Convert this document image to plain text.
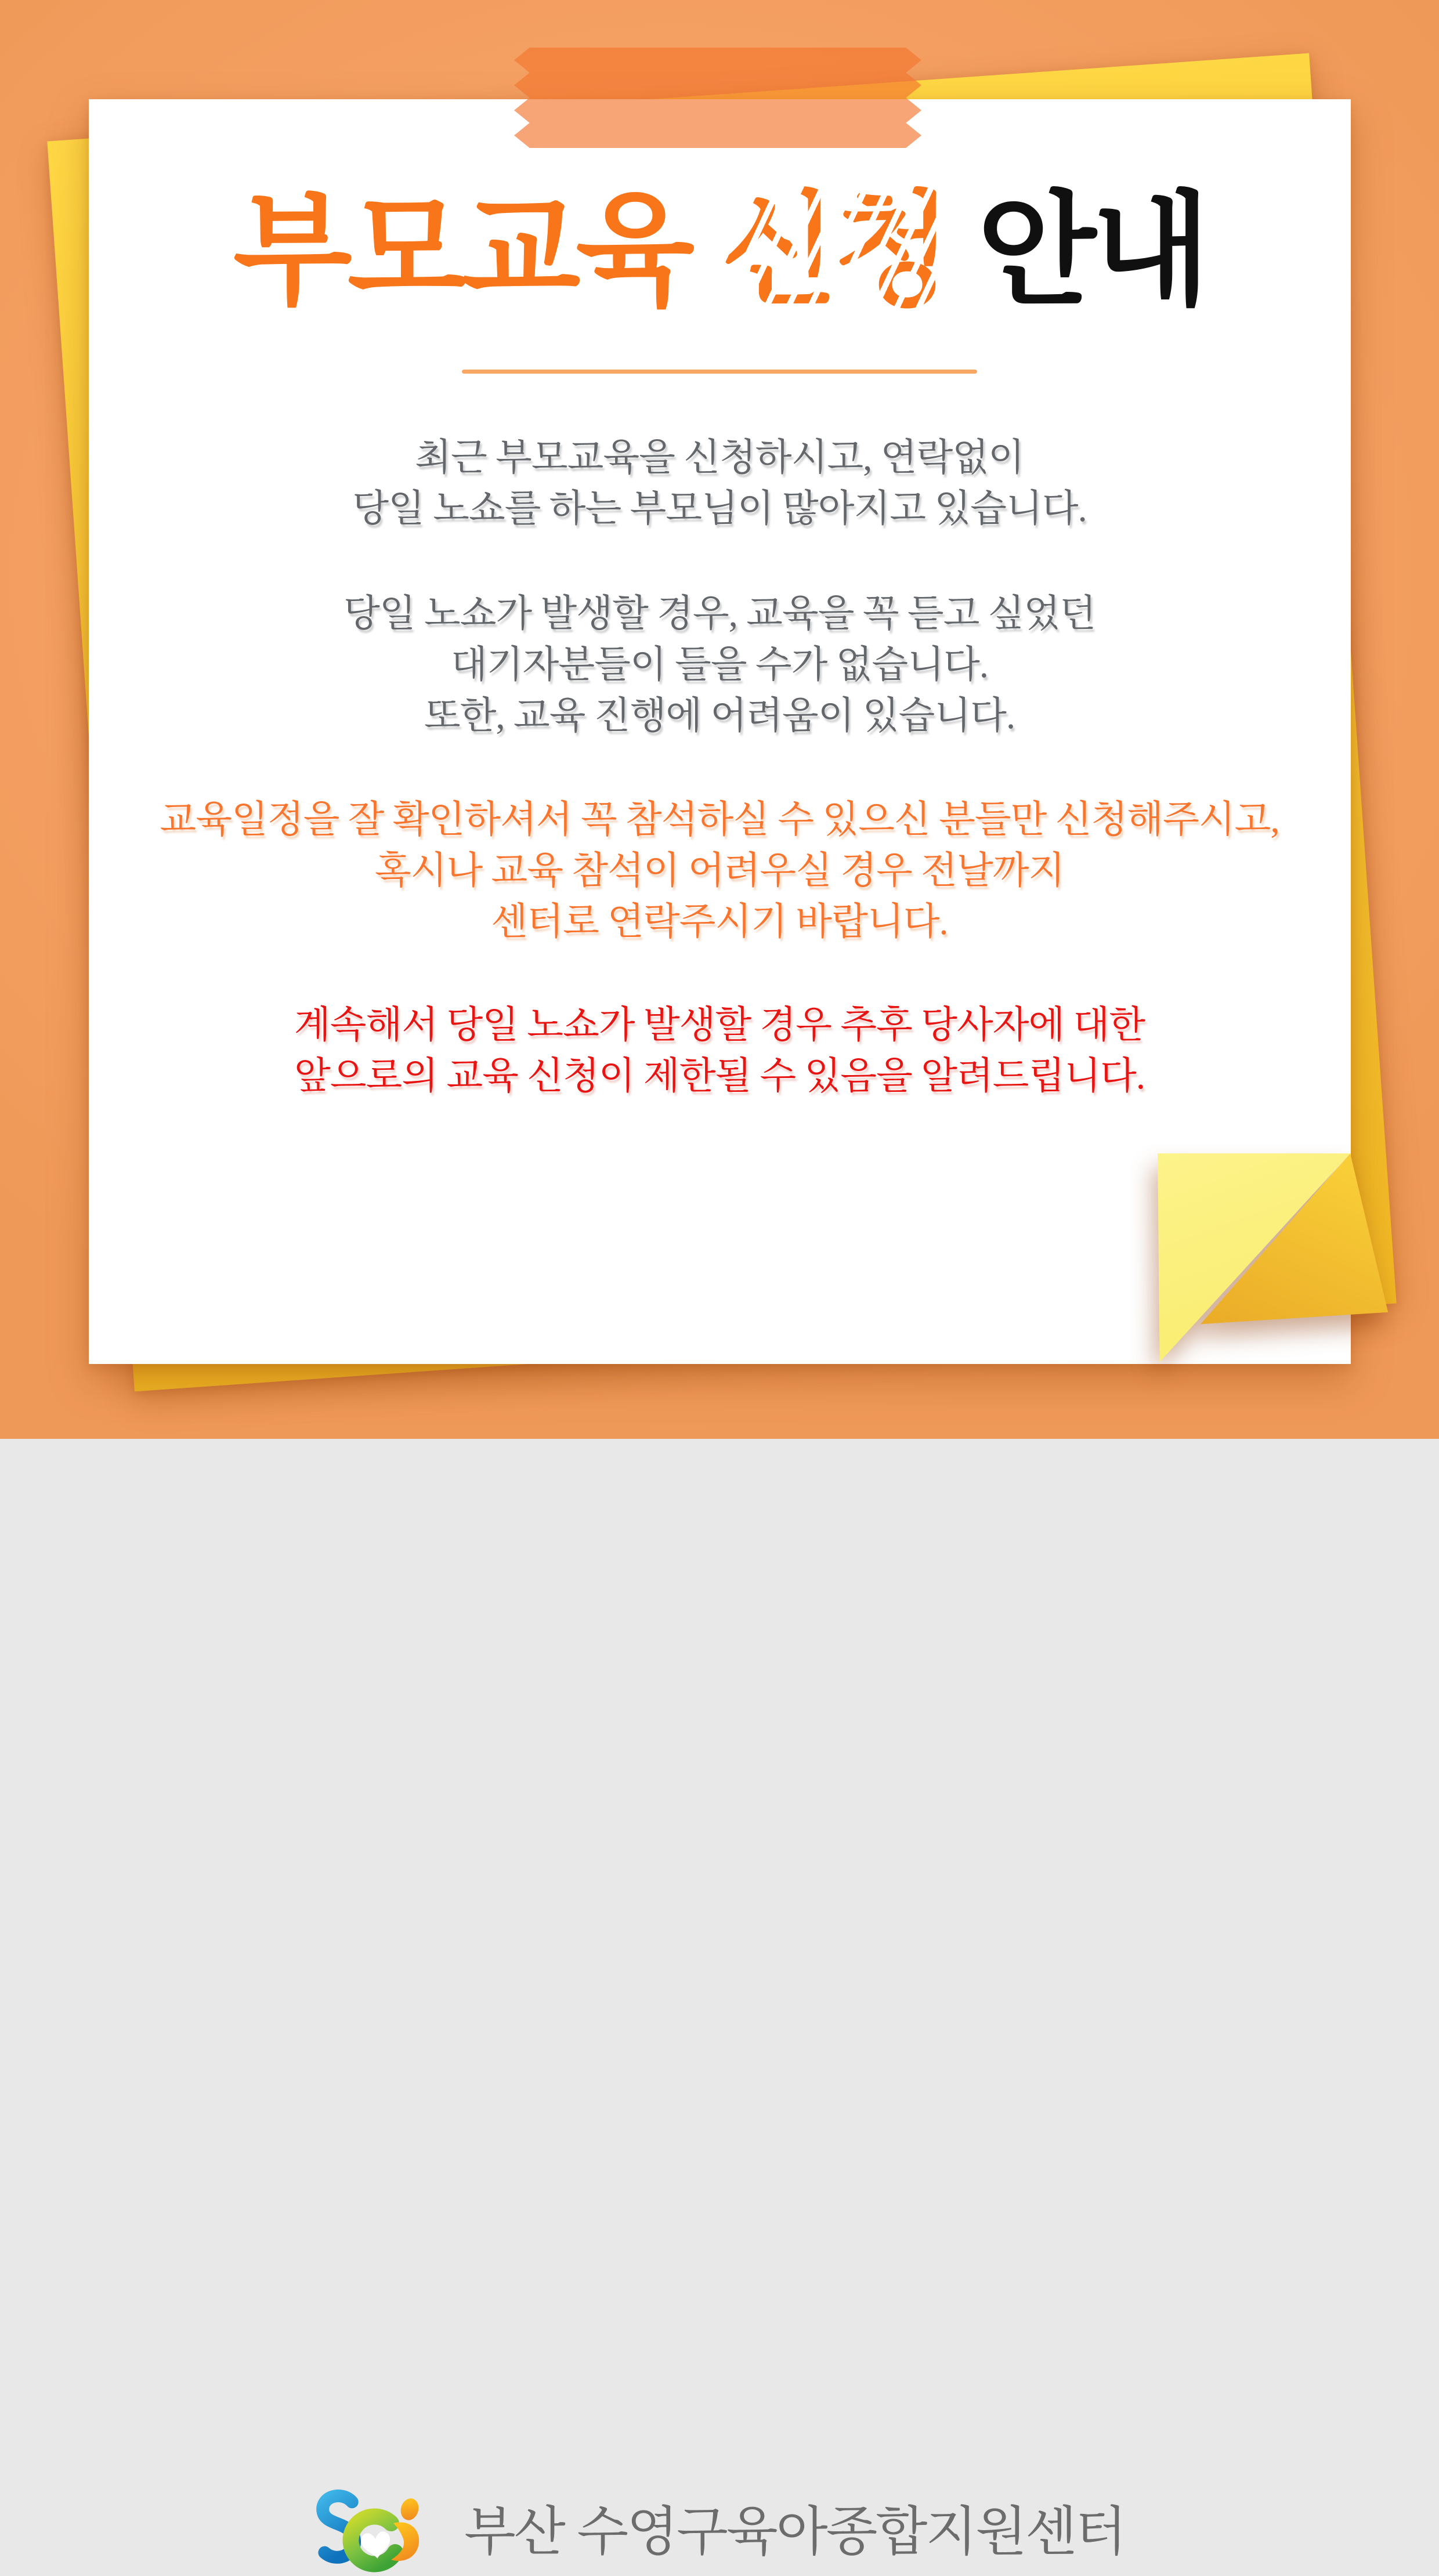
부모교육 신청 안내
최근 부모교육을 신청하시고, 연락없이
당일 노쇼를 하는 부모님이 많아지고 있습니다.
당일 노쇼가 발생할 경우, 교육을 꼭 듣고 싶었던
대기자분들이 들을 수가 없습니다.
또한, 교육 진행에 어려움이 있습니다.
교육일정을 잘 확인하셔서 꼭 참석하실 수 있으신 분들만 신청해주시고,
혹시나 교육 참석이 어려우실 경우 전날까지
센터로 연락주시기 바랍니다.
계속해서 당일 노쇼가 발생할 경우 추후 당사자에 대한
앞으로의 교육 신청이 제한될 수 있음을 알려드립니다.
부산 수영구육아종합지원센터
